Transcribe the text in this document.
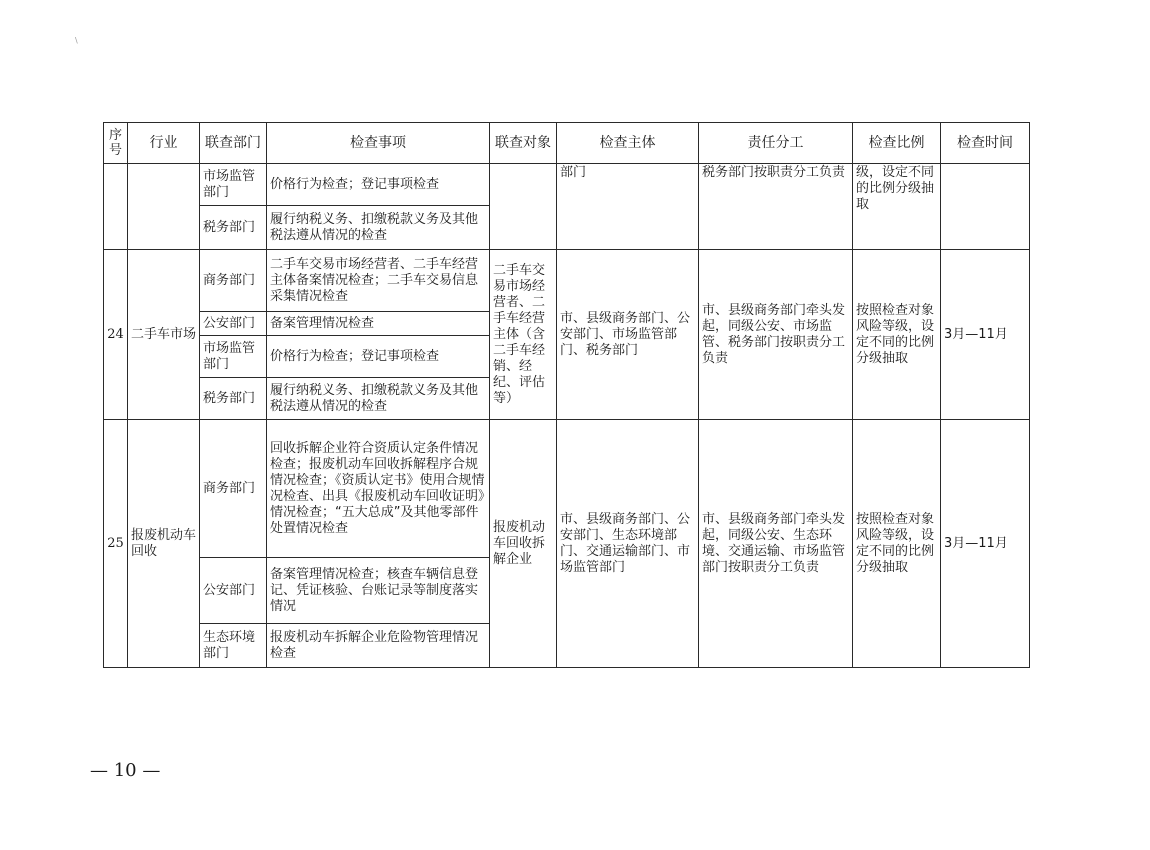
\
序号	行业	联查部门	检查事项	联查对象	检查主体	责任分工	检查比例	检查时间
		市场监管部门	价格行为检查；登记事项检查		部门	税务部门按职责分工负责	级，设定不同的比例分级抽取	
		税务部门	履行纳税义务、扣缴税款义务及其他税法遵从情况的检查					
24	二手车市场	商务部门	二手车交易市场经营者、二手车经营主体备案情况检查；二手车交易信息采集情况检查	二手车交易市场经营者、二手车经营主体（含二手车经销、经纪、评估等）	市、县级商务部门、公安部门、市场监管部门、税务部门	市、县级商务部门牵头发起，同级公安、市场监管、税务部门按职责分工负责	按照检查对象风险等级，设定不同的比例分级抽取	3月—11月
		公安部门	备案管理情况检查					
		市场监管部门	价格行为检查；登记事项检查					
		税务部门	履行纳税义务、扣缴税款义务及其他税法遵从情况的检查					
25	报废机动车回收	商务部门	回收拆解企业符合资质认定条件情况检查；报废机动车回收拆解程序合规情况检查；《资质认定书》使用合规情况检查、出具《报废机动车回收证明》情况检查；“五大总成”及其他零部件处置情况检查	报废机动车回收拆解企业	市、县级商务部门、公安部门、生态环境部门、交通运输部门、市场监管部门	市、县级商务部门牵头发起，同级公安、生态环境、交通运输、市场监管部门按职责分工负责	按照检查对象风险等级，设定不同的比例分级抽取	3月—11月
		公安部门	备案管理情况检查；核查车辆信息登记、凭证核验、台账记录等制度落实情况					
		生态环境部门	报废机动车拆解企业危险物管理情况检查					
— 10 —
